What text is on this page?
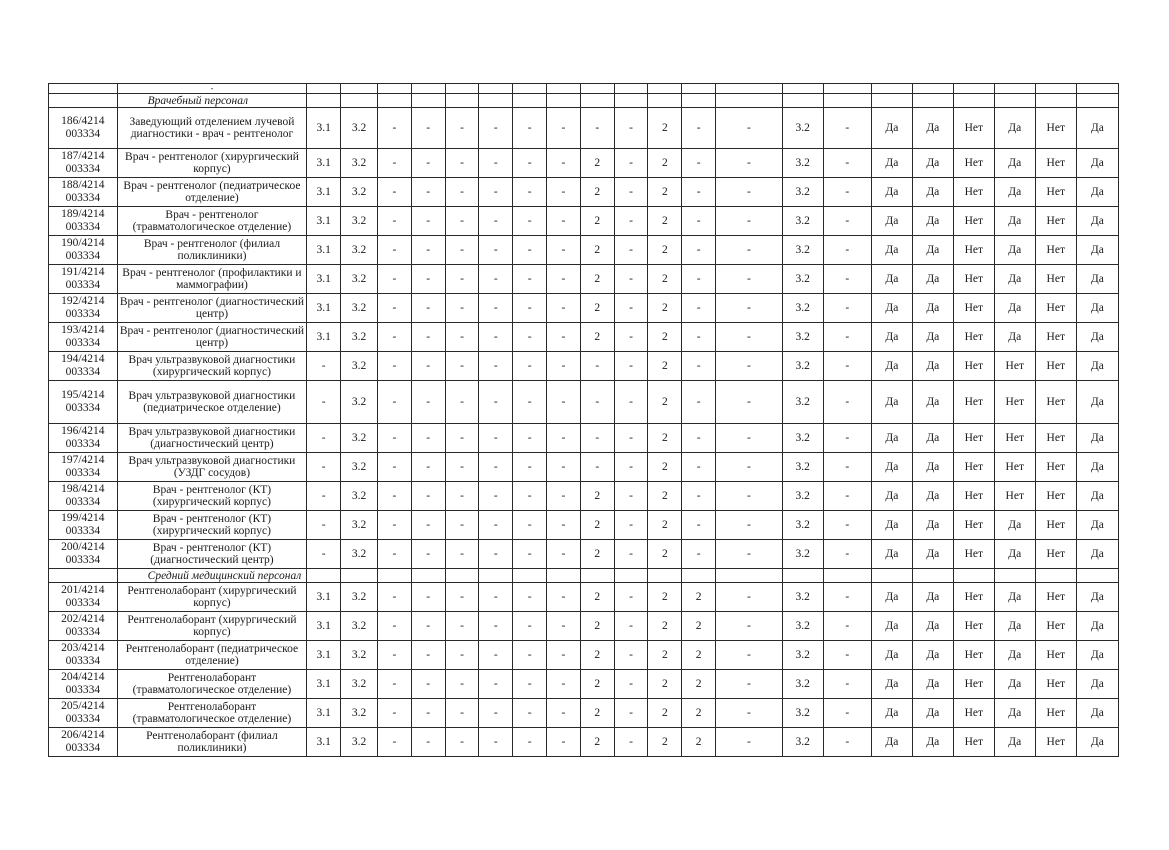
	-																					
	Врачебный персонал																					
186/4214 003334	Заведующий отделением лучевой диагностики - врач - рентгенолог	3.1	3.2	-	-	-	-	-	-	-	-	2	-	-	3.2	-	Да	Да	Нет	Да	Нет	Да
187/4214 003334	Врач - рентгенолог (хирургический корпус)	3.1	3.2	-	-	-	-	-	-	2	-	2	-	-	3.2	-	Да	Да	Нет	Да	Нет	Да
188/4214 003334	Врач - рентгенолог (педиатрическое отделение)	3.1	3.2	-	-	-	-	-	-	2	-	2	-	-	3.2	-	Да	Да	Нет	Да	Нет	Да
189/4214 003334	Врач - рентгенолог (травматологическое отделение)	3.1	3.2	-	-	-	-	-	-	2	-	2	-	-	3.2	-	Да	Да	Нет	Да	Нет	Да
190/4214 003334	Врач - рентгенолог (филиал поликлиники)	3.1	3.2	-	-	-	-	-	-	2	-	2	-	-	3.2	-	Да	Да	Нет	Да	Нет	Да
191/4214 003334	Врач - рентгенолог (профилактики и маммографии)	3.1	3.2	-	-	-	-	-	-	2	-	2	-	-	3.2	-	Да	Да	Нет	Да	Нет	Да
192/4214 003334	Врач - рентгенолог (диагностический центр)	3.1	3.2	-	-	-	-	-	-	2	-	2	-	-	3.2	-	Да	Да	Нет	Да	Нет	Да
193/4214 003334	Врач - рентгенолог (диагностический центр)	3.1	3.2	-	-	-	-	-	-	2	-	2	-	-	3.2	-	Да	Да	Нет	Да	Нет	Да
194/4214 003334	Врач ультразвуковой диагностики (хирургический корпус)	-	3.2	-	-	-	-	-	-	-	-	2	-	-	3.2	-	Да	Да	Нет	Нет	Нет	Да
195/4214 003334	Врач ультразвуковой диагностики (педиатрическое отделение)	-	3.2	-	-	-	-	-	-	-	-	2	-	-	3.2	-	Да	Да	Нет	Нет	Нет	Да
196/4214 003334	Врач ультразвуковой диагностики (диагностический центр)	-	3.2	-	-	-	-	-	-	-	-	2	-	-	3.2	-	Да	Да	Нет	Нет	Нет	Да
197/4214 003334	Врач ультразвуковой диагностики (УЗДГ сосудов)	-	3.2	-	-	-	-	-	-	-	-	2	-	-	3.2	-	Да	Да	Нет	Нет	Нет	Да
198/4214 003334	Врач - рентгенолог (КТ) (хирургический корпус)	-	3.2	-	-	-	-	-	-	2	-	2	-	-	3.2	-	Да	Да	Нет	Нет	Нет	Да
199/4214 003334	Врач - рентгенолог (КТ) (хирургический корпус)	-	3.2	-	-	-	-	-	-	2	-	2	-	-	3.2	-	Да	Да	Нет	Да	Нет	Да
200/4214 003334	Врач - рентгенолог (КТ) (диагностический центр)	-	3.2	-	-	-	-	-	-	2	-	2	-	-	3.2	-	Да	Да	Нет	Да	Нет	Да
	Средний медицинский персонал																					
201/4214 003334	Рентгенолаборант (хирургический корпус)	3.1	3.2	-	-	-	-	-	-	2	-	2	2	-	3.2	-	Да	Да	Нет	Да	Нет	Да
202/4214 003334	Рентгенолаборант (хирургический корпус)	3.1	3.2	-	-	-	-	-	-	2	-	2	2	-	3.2	-	Да	Да	Нет	Да	Нет	Да
203/4214 003334	Рентгенолаборант (педиатрическое отделение)	3.1	3.2	-	-	-	-	-	-	2	-	2	2	-	3.2	-	Да	Да	Нет	Да	Нет	Да
204/4214 003334	Рентгенолаборант (травматологическое отделение)	3.1	3.2	-	-	-	-	-	-	2	-	2	2	-	3.2	-	Да	Да	Нет	Да	Нет	Да
205/4214 003334	Рентгенолаборант (травматологическое отделение)	3.1	3.2	-	-	-	-	-	-	2	-	2	2	-	3.2	-	Да	Да	Нет	Да	Нет	Да
206/4214 003334	Рентгенолаборант (филиал поликлиники)	3.1	3.2	-	-	-	-	-	-	2	-	2	2	-	3.2	-	Да	Да	Нет	Да	Нет	Да
